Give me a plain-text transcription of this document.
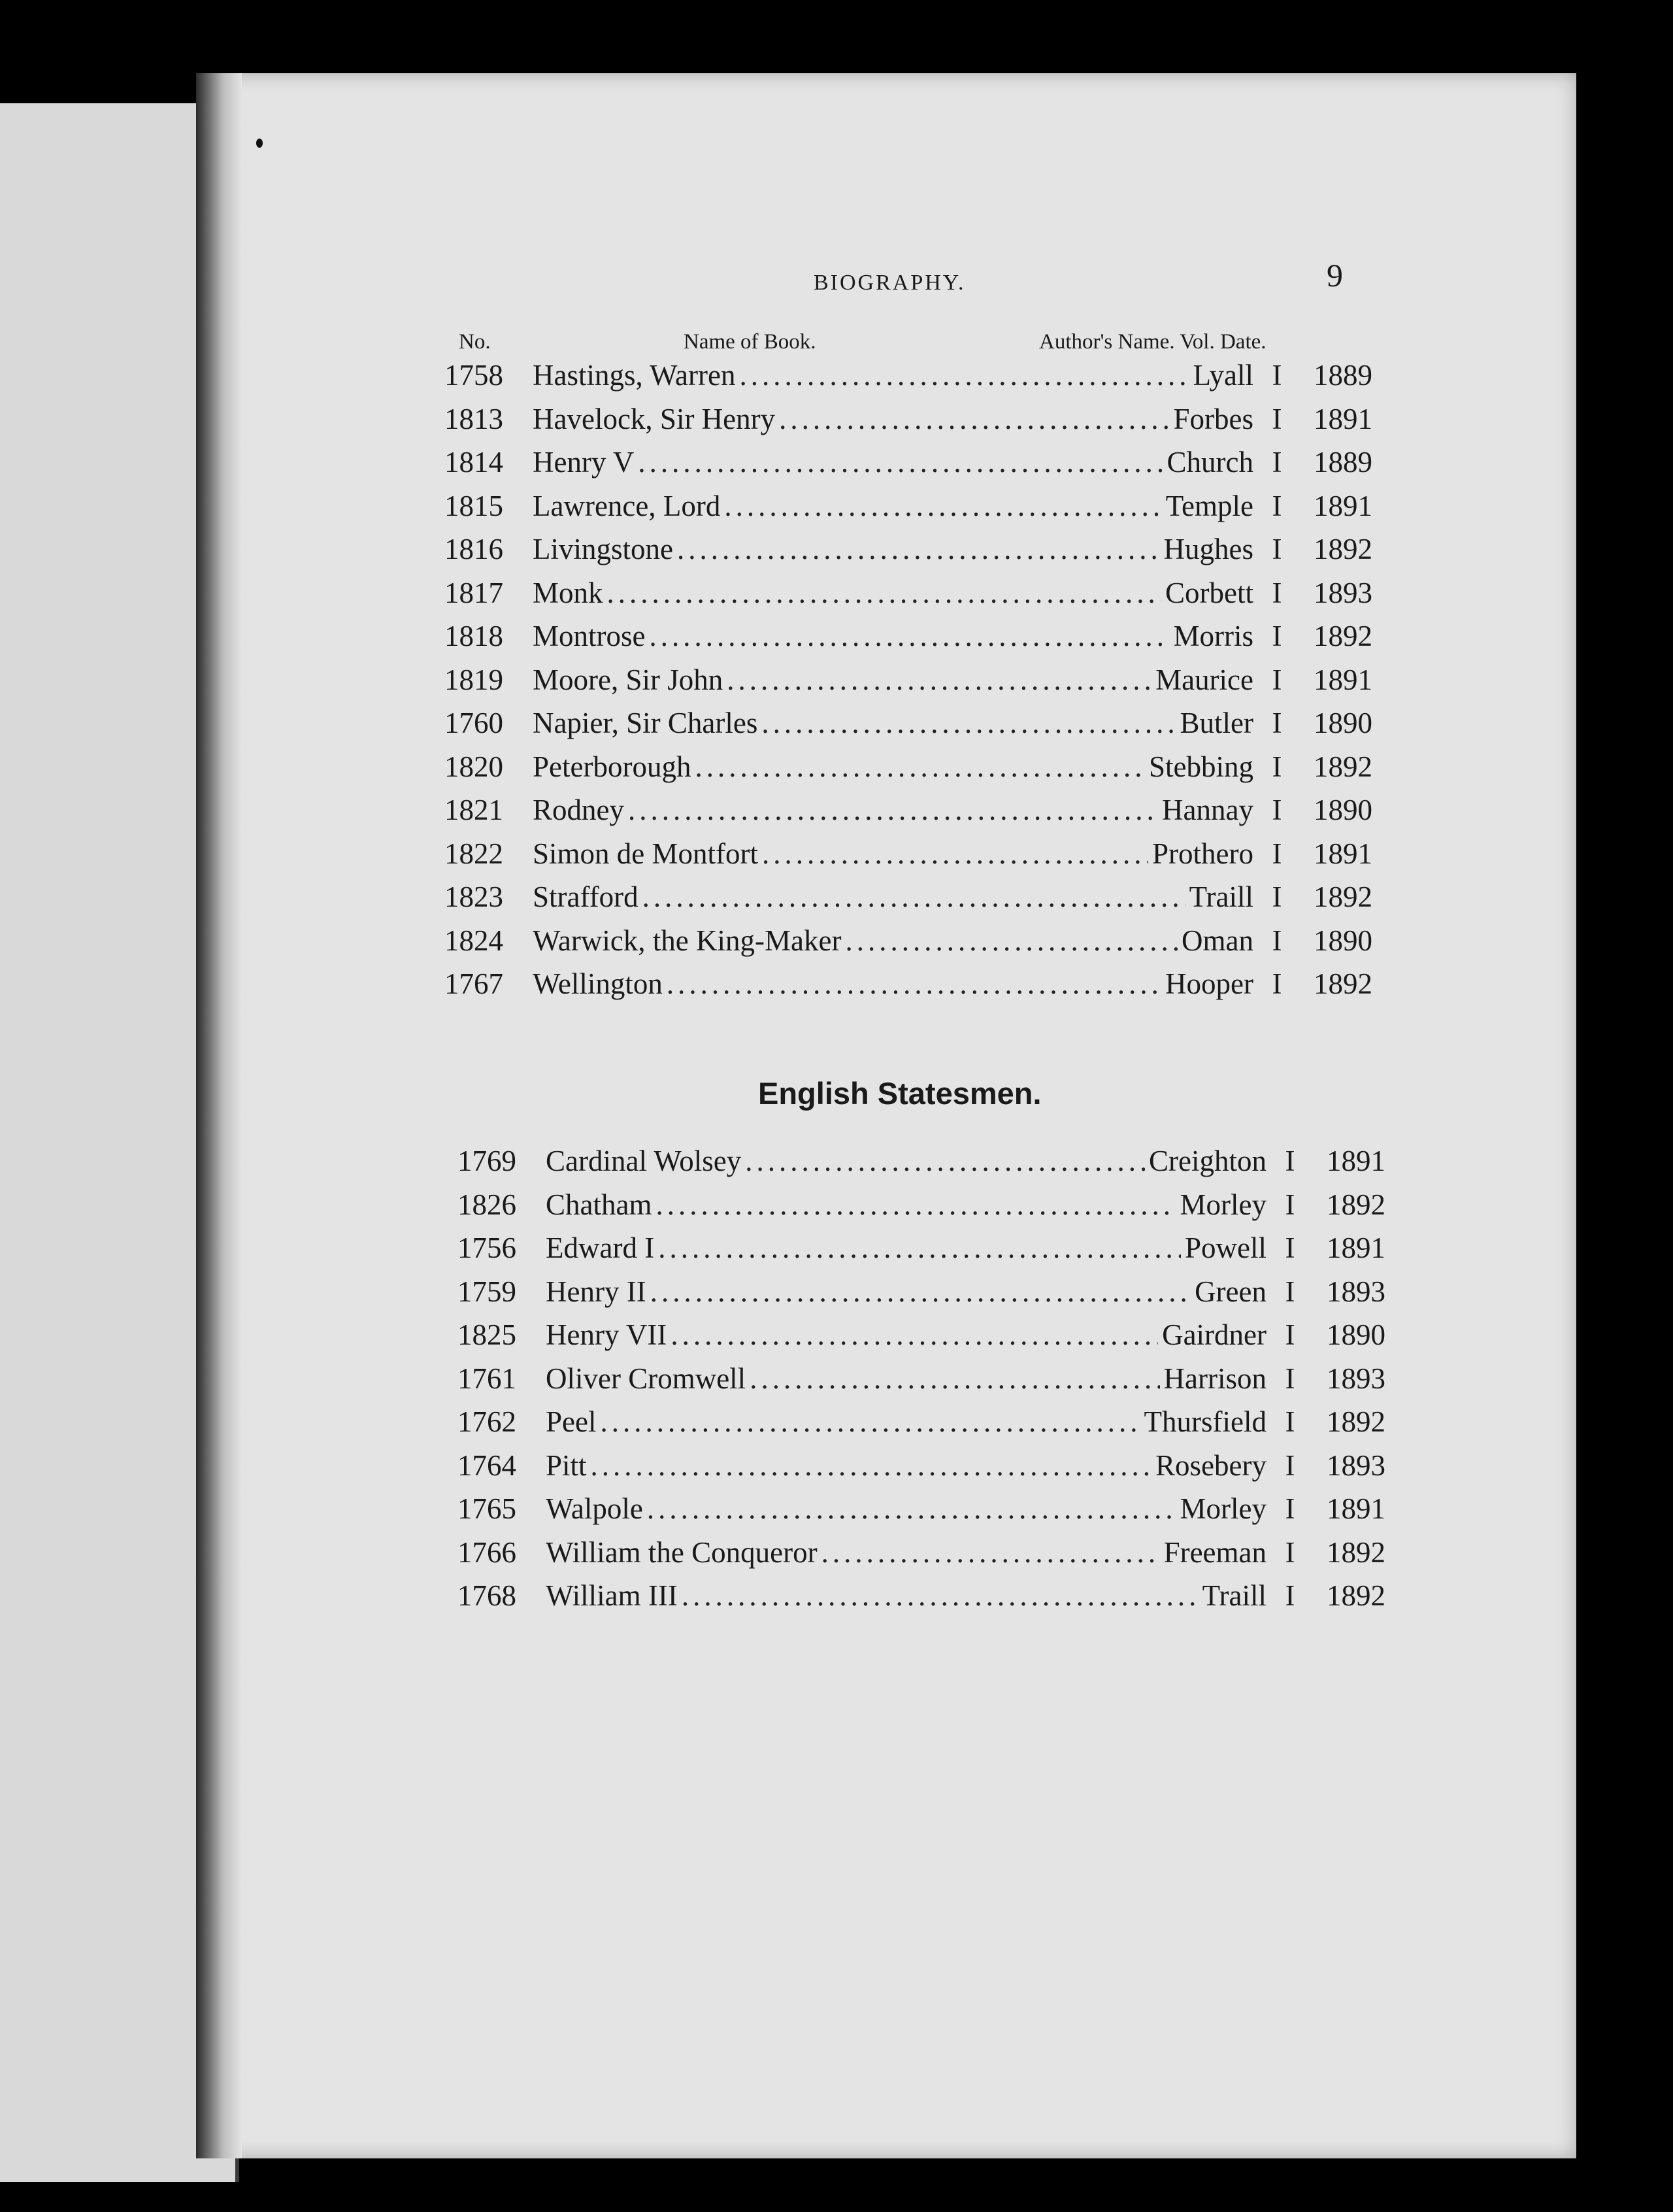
BIOGRAPHY.	9
No.	Name of Book.	Author's Name. Vol. Date.
1758	Hastings, Warren .....	Lyall I	1889
1813	Havelock, Sir Henry .....	Forbes I	1891
1814	Henry V .....	Church I	1889
1815	Lawrence, Lord .....	Temple I	1891
1816	Livingstone .....	Hughes I	1892
1817	Monk .....	Corbett I	1893
1818	Montrose .....	Morris I	1892
1819	Moore, Sir John .....	Maurice I	1891
1760	Napier, Sir Charles .....	Butler I	1890
1820	Peterborough .....	Stebbing I	1892
1821	Rodney .....	Hannay I	1890
1822	Simon de Montfort .....	Prothero I	1891
1823	Strafford .....	Traill I	1892
1824	Warwick, the King-Maker .....	Oman I	1890
1767	Wellington .....	Hooper I	1892
English Statesmen.
1769	Cardinal Wolsey .....	Creighton I	1891
1826	Chatham .....	Morley I	1892
1756	Edward I .....	Powell I	1891
1759	Henry II .....	Green I	1893
1825	Henry VII .....	Gairdner I	1890
1761	Oliver Cromwell .....	Harrison I	1893
1762	Peel .....	Thursfield I	1892
1764	Pitt .....	Rosebery I	1893
1765	Walpole .....	Morley I	1891
1766	William the Conqueror .....	Freeman I	1892
1768	William III .....	Traill I	1892
